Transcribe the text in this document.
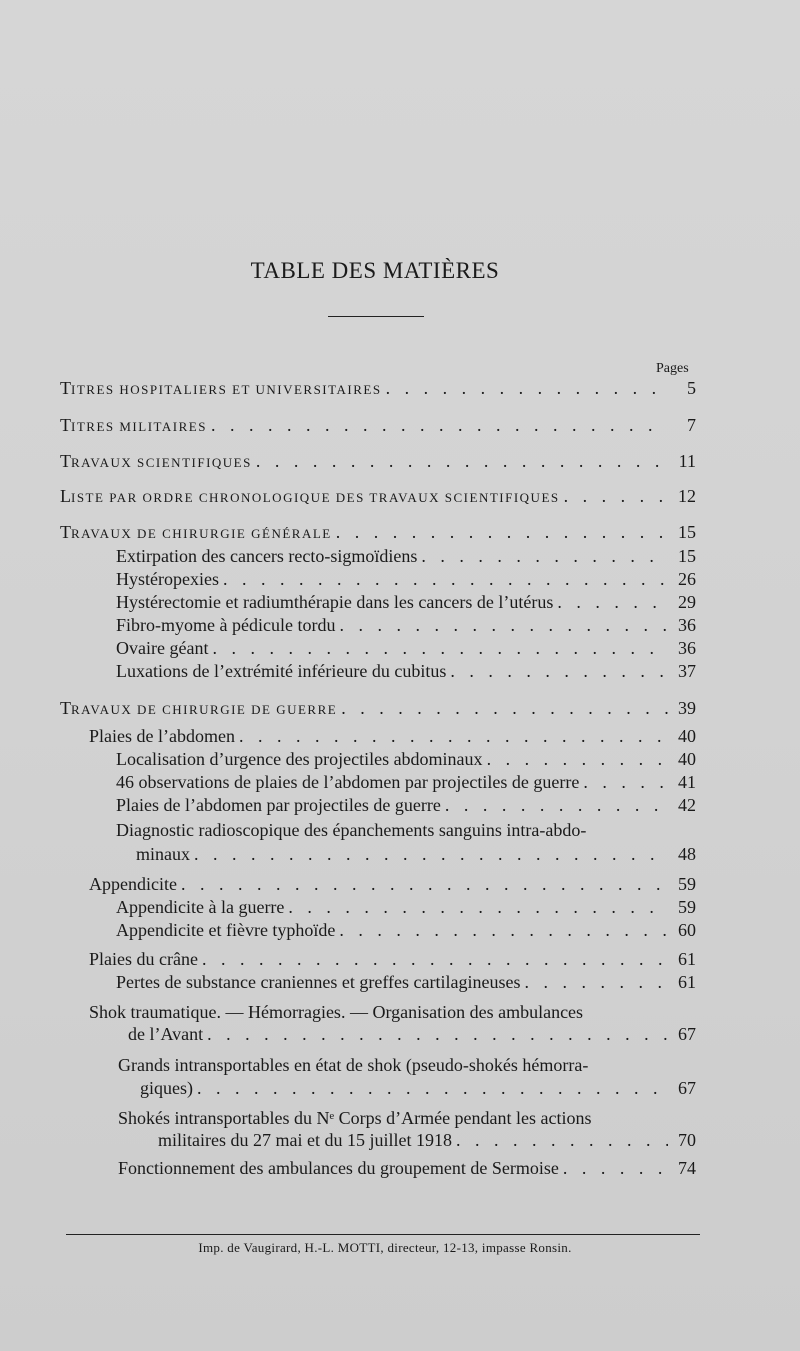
TABLE DES MATIÈRES
Pages
TITRES HOSPITALIERS ET UNIVERSITAIRES . . .	5
TITRES MILITAIRES . . .	7
TRAVAUX SCIENTIFIQUES . . .	11
LISTE PAR ORDRE CHRONOLOGIQUE DES TRAVAUX SCIENTIFIQUES . . .	12
TRAVAUX DE CHIRURGIE GÉNÉRALE . . .	15
Extirpation des cancers recto-sigmoïdiens . . .	15
Hystéropexies . . .	26
Hystérectomie et radiumthérapie dans les cancers de l’utérus . . .	29
Fibro-myome à pédicule tordu . . .	36
Ovaire géant . . .	36
Luxations de l’extrémité inférieure du cubitus . . .	37
TRAVAUX DE CHIRURGIE DE GUERRE . . .	39
Plaies de l’abdomen . . .	40
Localisation d’urgence des projectiles abdominaux . . .	40
46 observations de plaies de l’abdomen par projectiles de guerre . . .	41
Plaies de l’abdomen par projectiles de guerre . . .	42
Diagnostic radioscopique des épanchements sanguins intra-abdo-
minaux . . .	48
Appendicite . . .	59
Appendicite à la guerre . . .	59
Appendicite et fièvre typhoïde . . .	60
Plaies du crâne . . .	61
Pertes de substance craniennes et greffes cartilagineuses . . .	61
Shok traumatique. — Hémorragies. — Organisation des ambulances
de l’Avant . . .	67
Grands intransportables en état de shok (pseudo-shokés hémorra-
giques) . . .	67
Shokés intransportables du Nᵉ Corps d’Armée pendant les actions
militaires du 27 mai et du 15 juillet 1918 . . .	70
Fonctionnement des ambulances du groupement de Sermoise . . .	74
Imp. de Vaugirard, H.-L. MOTTI, directeur, 12-13, impasse Ronsin.
